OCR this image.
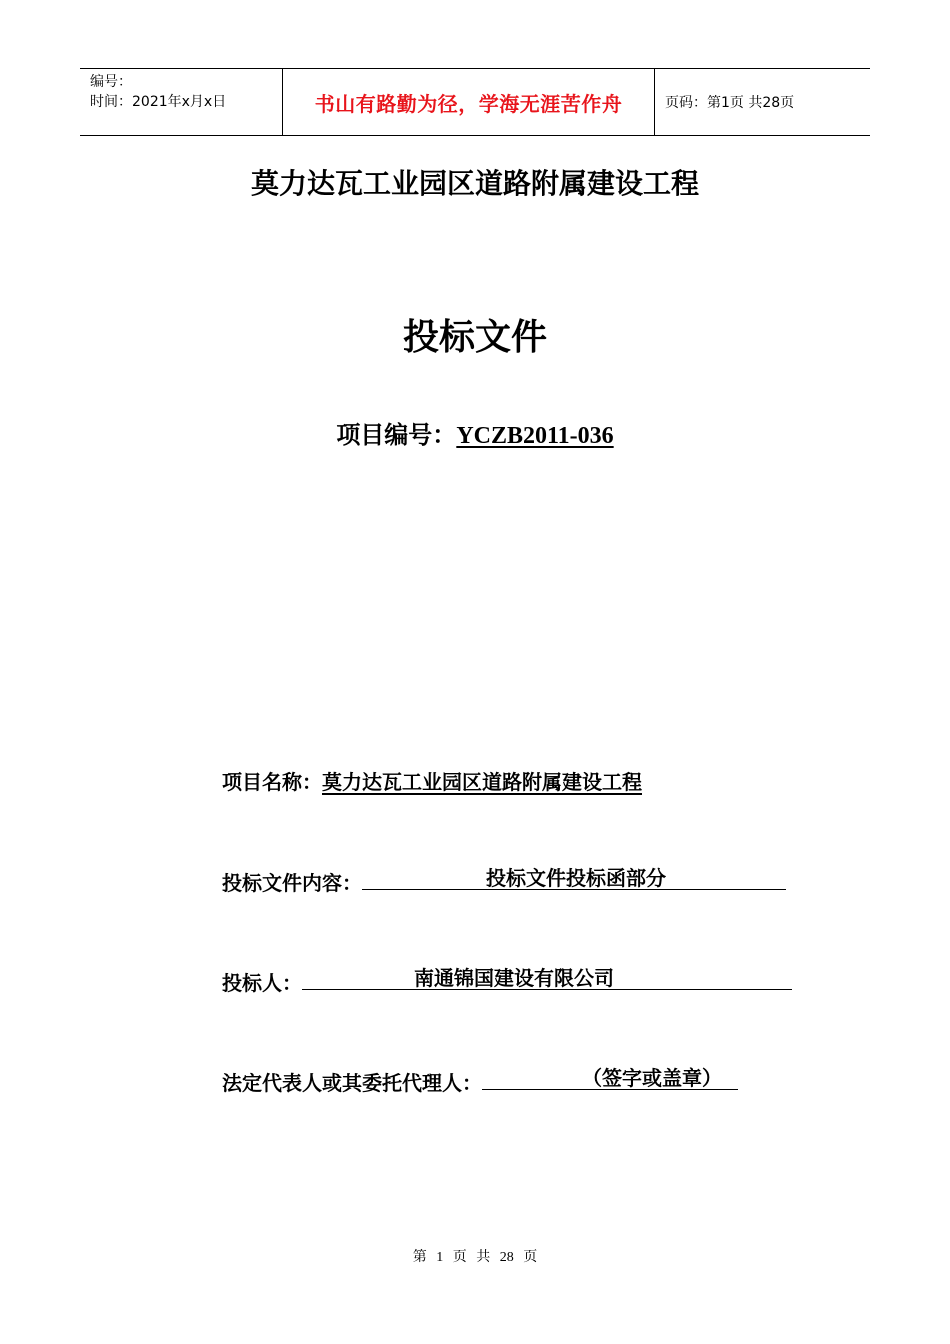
编号：
时间：2021年x月x日	书山有路勤为径，学海无涯苦作舟	页码：第1页 共28页
莫力达瓦工业园区道路附属建设工程
投标文件
项目编号：YCZB2011-036
项目名称：莫力达瓦工业园区道路附属建设工程
投标文件内容：	投标文件投标函部分
投标人：	南通锦国建设有限公司
法定代表人或其委托代理人：	（签字或盖章）
第 1 页 共 28 页
